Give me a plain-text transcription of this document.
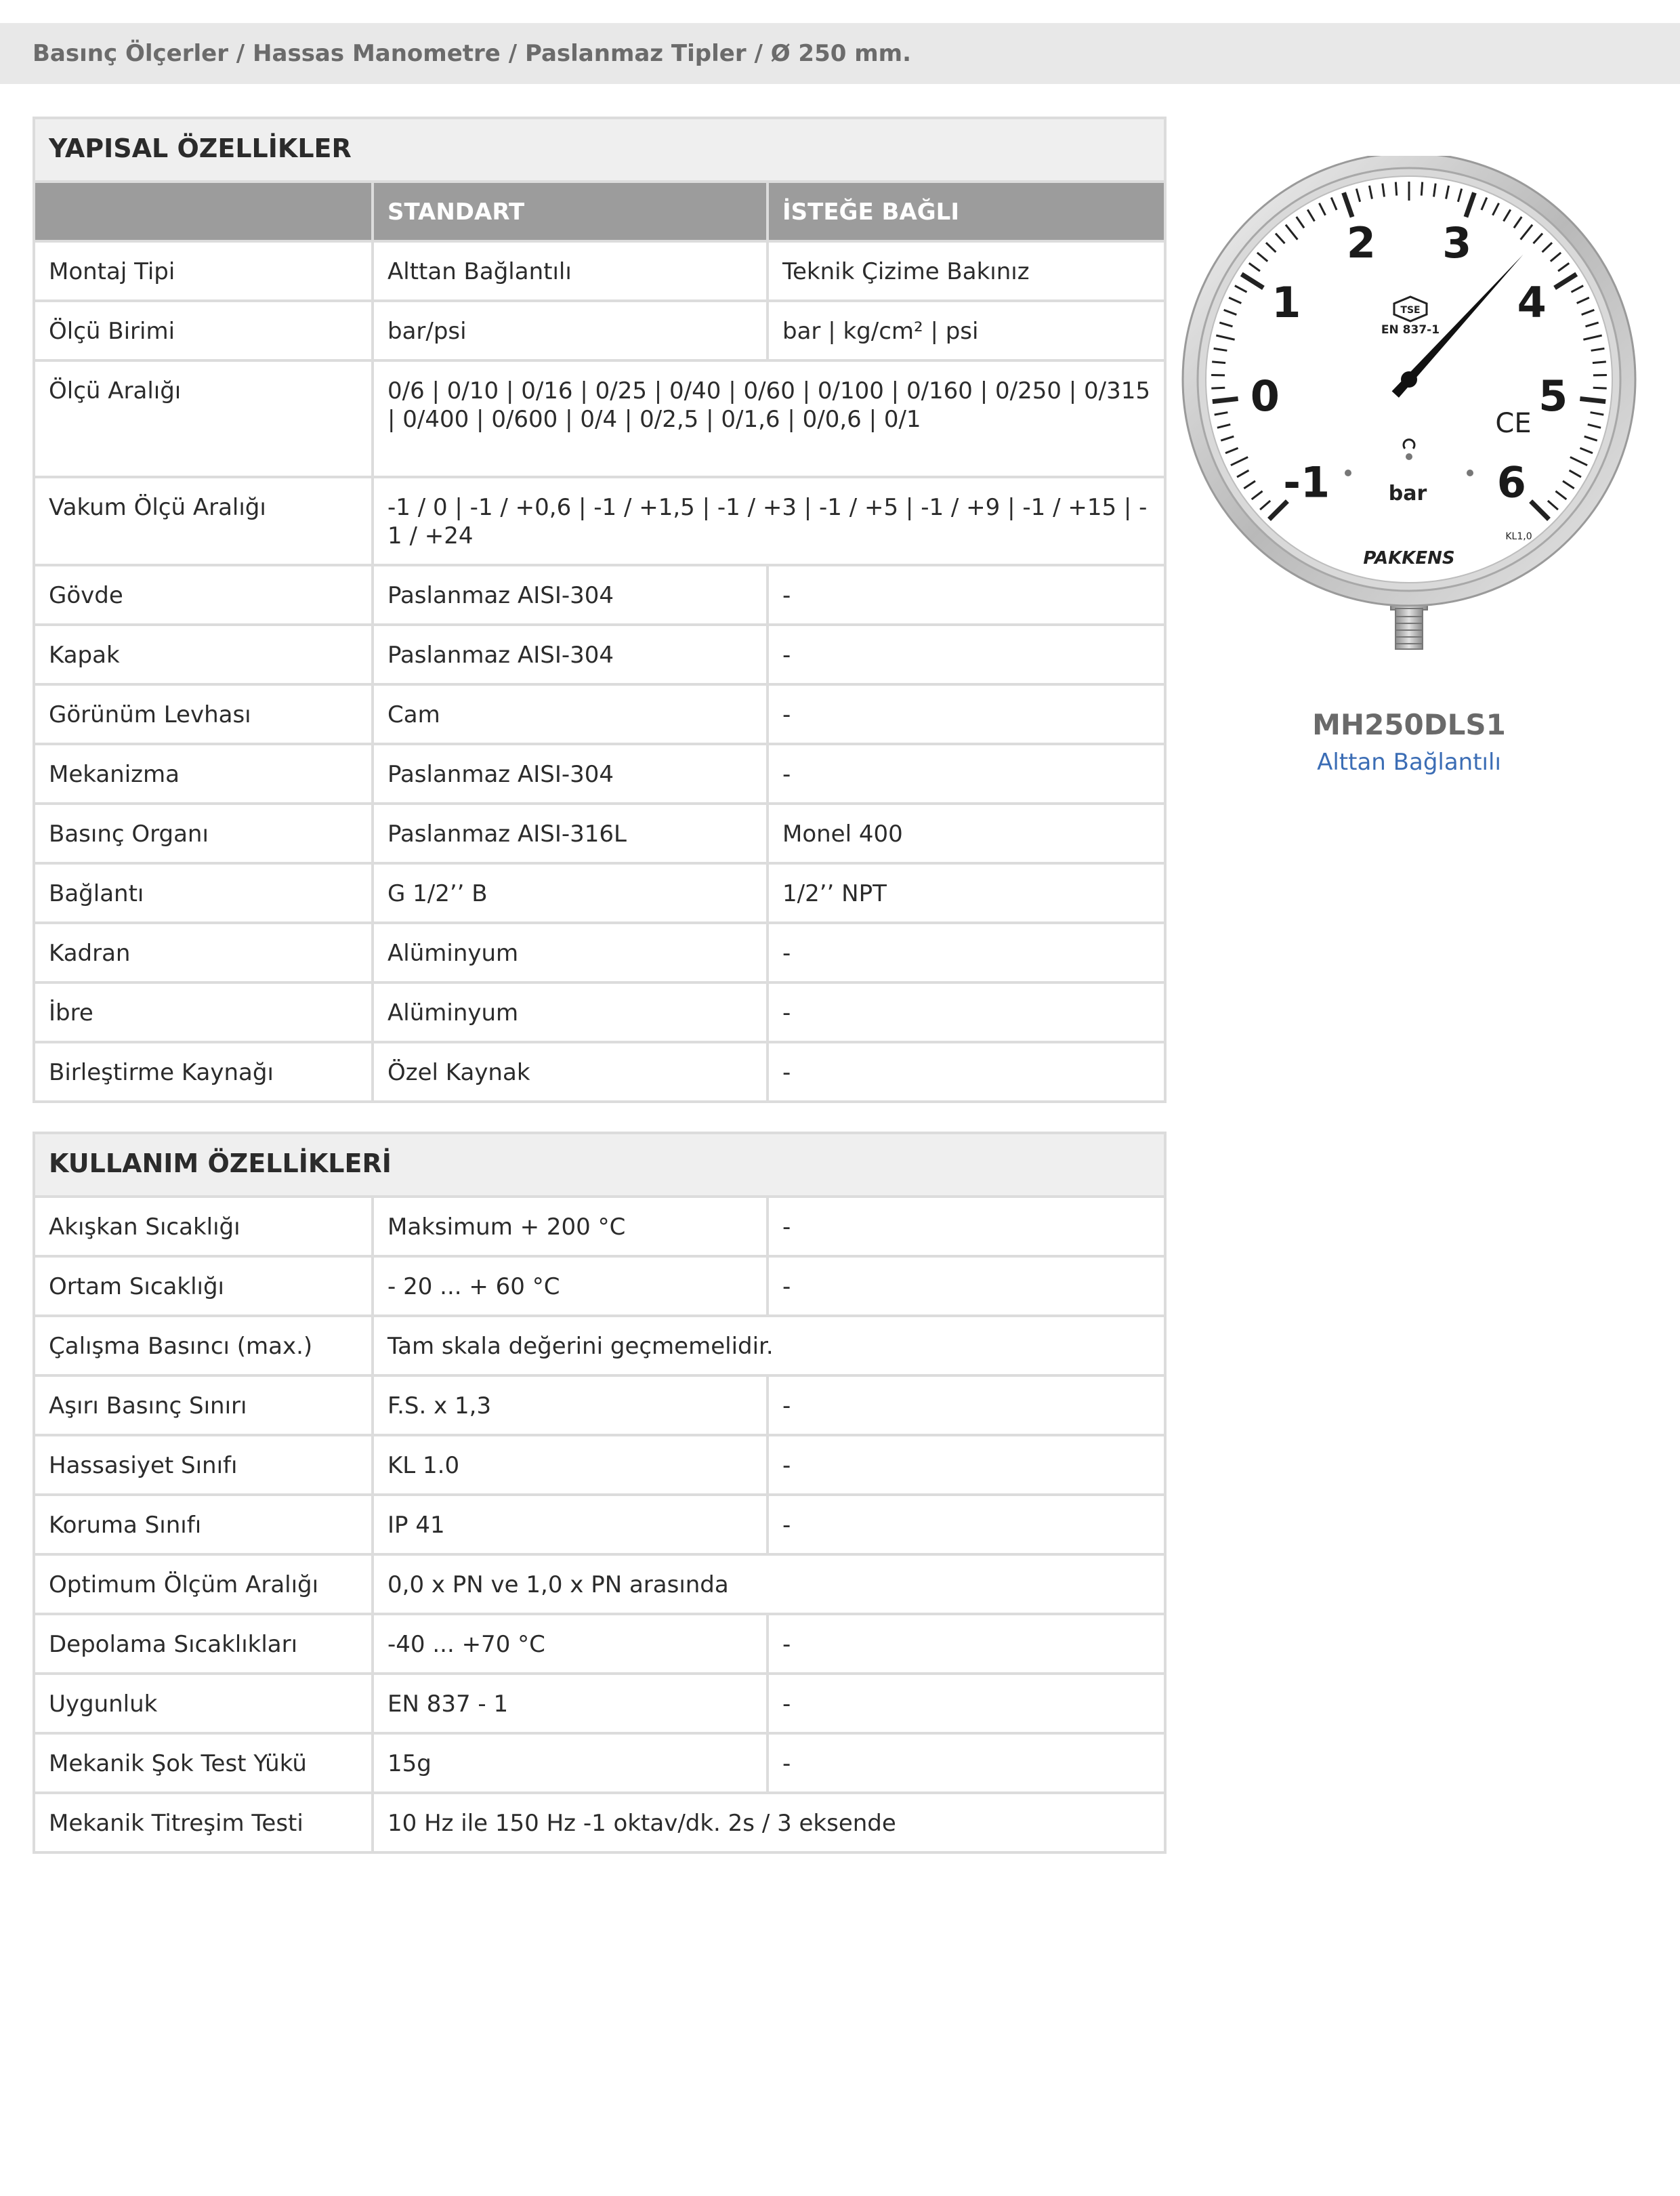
Basınç Ölçerler / Hassas Manometre / Paslanmaz Tipler / Ø 250 mm.
YAPISAL ÖZELLİKLER		
	STANDART	İSTEĞE BAĞLI
Montaj Tipi	Alttan Bağlantılı	Teknik Çizime Bakınız
Ölçü Birimi	bar/psi	bar | kg/cm² | psi
Ölçü Aralığı	0/6 | 0/10 | 0/16 | 0/25 | 0/40 | 0/60 | 0/100 | 0/160 | 0/250 | 0/315 | 0/400 | 0/600 | 0/4 | 0/2,5 | 0/1,6 | 0/0,6 | 0/1	
Vakum Ölçü Aralığı	-1 / 0 | -1 / +0,6 | -1 / +1,5 | -1 / +3 | -1 / +5 | -1 / +9 | -1 / +15 | -1 / +24	
Gövde	Paslanmaz AISI-304	-
Kapak	Paslanmaz AISI-304	-
Görünüm Levhası	Cam	-
Mekanizma	Paslanmaz AISI-304	-
Basınç Organı	Paslanmaz AISI-316L	Monel 400
Bağlantı	G 1/2’’ B	1/2’’ NPT
Kadran	Alüminyum	-
İbre	Alüminyum	-
Birleştirme Kaynağı	Özel Kaynak	-
KULLANIM ÖZELLİKLERİ		
Akışkan Sıcaklığı	Maksimum + 200 °C	-
Ortam Sıcaklığı	- 20 ... + 60 °C	-
Çalışma Basıncı (max.)	Tam skala değerini geçmemelidir.	
Aşırı Basınç Sınırı	F.S. x 1,3	-
Hassasiyet Sınıfı	KL 1.0	-
Koruma Sınıfı	IP 41	-
Optimum Ölçüm Aralığı	0,0 x PN ve 1,0 x PN arasında	
Depolama Sıcaklıkları	-40 ... +70 °C	-
Uygunluk	EN 837 - 1	-
Mekanik Şok Test Yükü	15g	-
Mekanik Titreşim Testi	10 Hz ile 150 Hz -1 oktav/dk. 2s / 3 eksende	
-1
0
1
2 3
4
5
6
TSE
EN 837-1
CE
bar
KL1,0
PAKKENS
MH250DLS1
Alttan Bağlantılı
